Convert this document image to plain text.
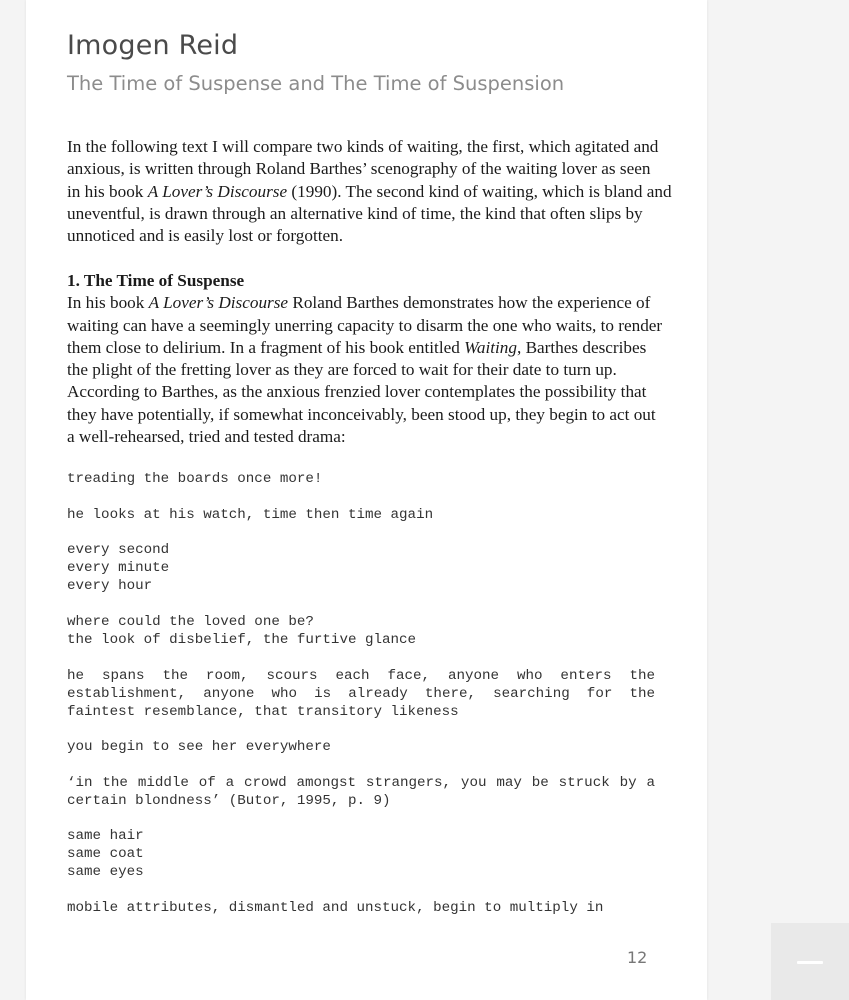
Imogen Reid
The Time of Suspense and The Time of Suspension

In the following text I will compare two kinds of waiting, the first, which agitated and
anxious, is written through Roland Barthes’ scenography of the waiting lover as seen
in his book A Lover’s Discourse (1990). The second kind of waiting, which is bland and
uneventful, is drawn through an alternative kind of time, the kind that often slips by
unnoticed and is easily lost or forgotten.

1. The Time of Suspense
In his book A Lover’s Discourse Roland Barthes demonstrates how the experience of
waiting can have a seemingly unerring capacity to disarm the one who waits, to render
them close to delirium. In a fragment of his book entitled Waiting, Barthes describes
the plight of the fretting lover as they are forced to wait for their date to turn up.
According to Barthes, as the anxious frenzied lover contemplates the possibility that
they have potentially, if somewhat inconceivably, been stood up, they begin to act out
a well-rehearsed, tried and tested drama:

treading the boards once more!

he looks at his watch, time then time again

every second
every minute
every hour

where could the loved one be?
the look of disbelief, the furtive glance

he spans the room, scours each face, anyone who enters the establishment, anyone who is already there, searching for the faintest resemblance, that transitory likeness

you begin to see her everywhere

‘in the middle of a crowd amongst strangers, you may be struck by a certain blondness’ (Butor, 1995, p. 9)

same hair
same coat
same eyes

mobile attributes, dismantled and unstuck, begin to multiply in

12
